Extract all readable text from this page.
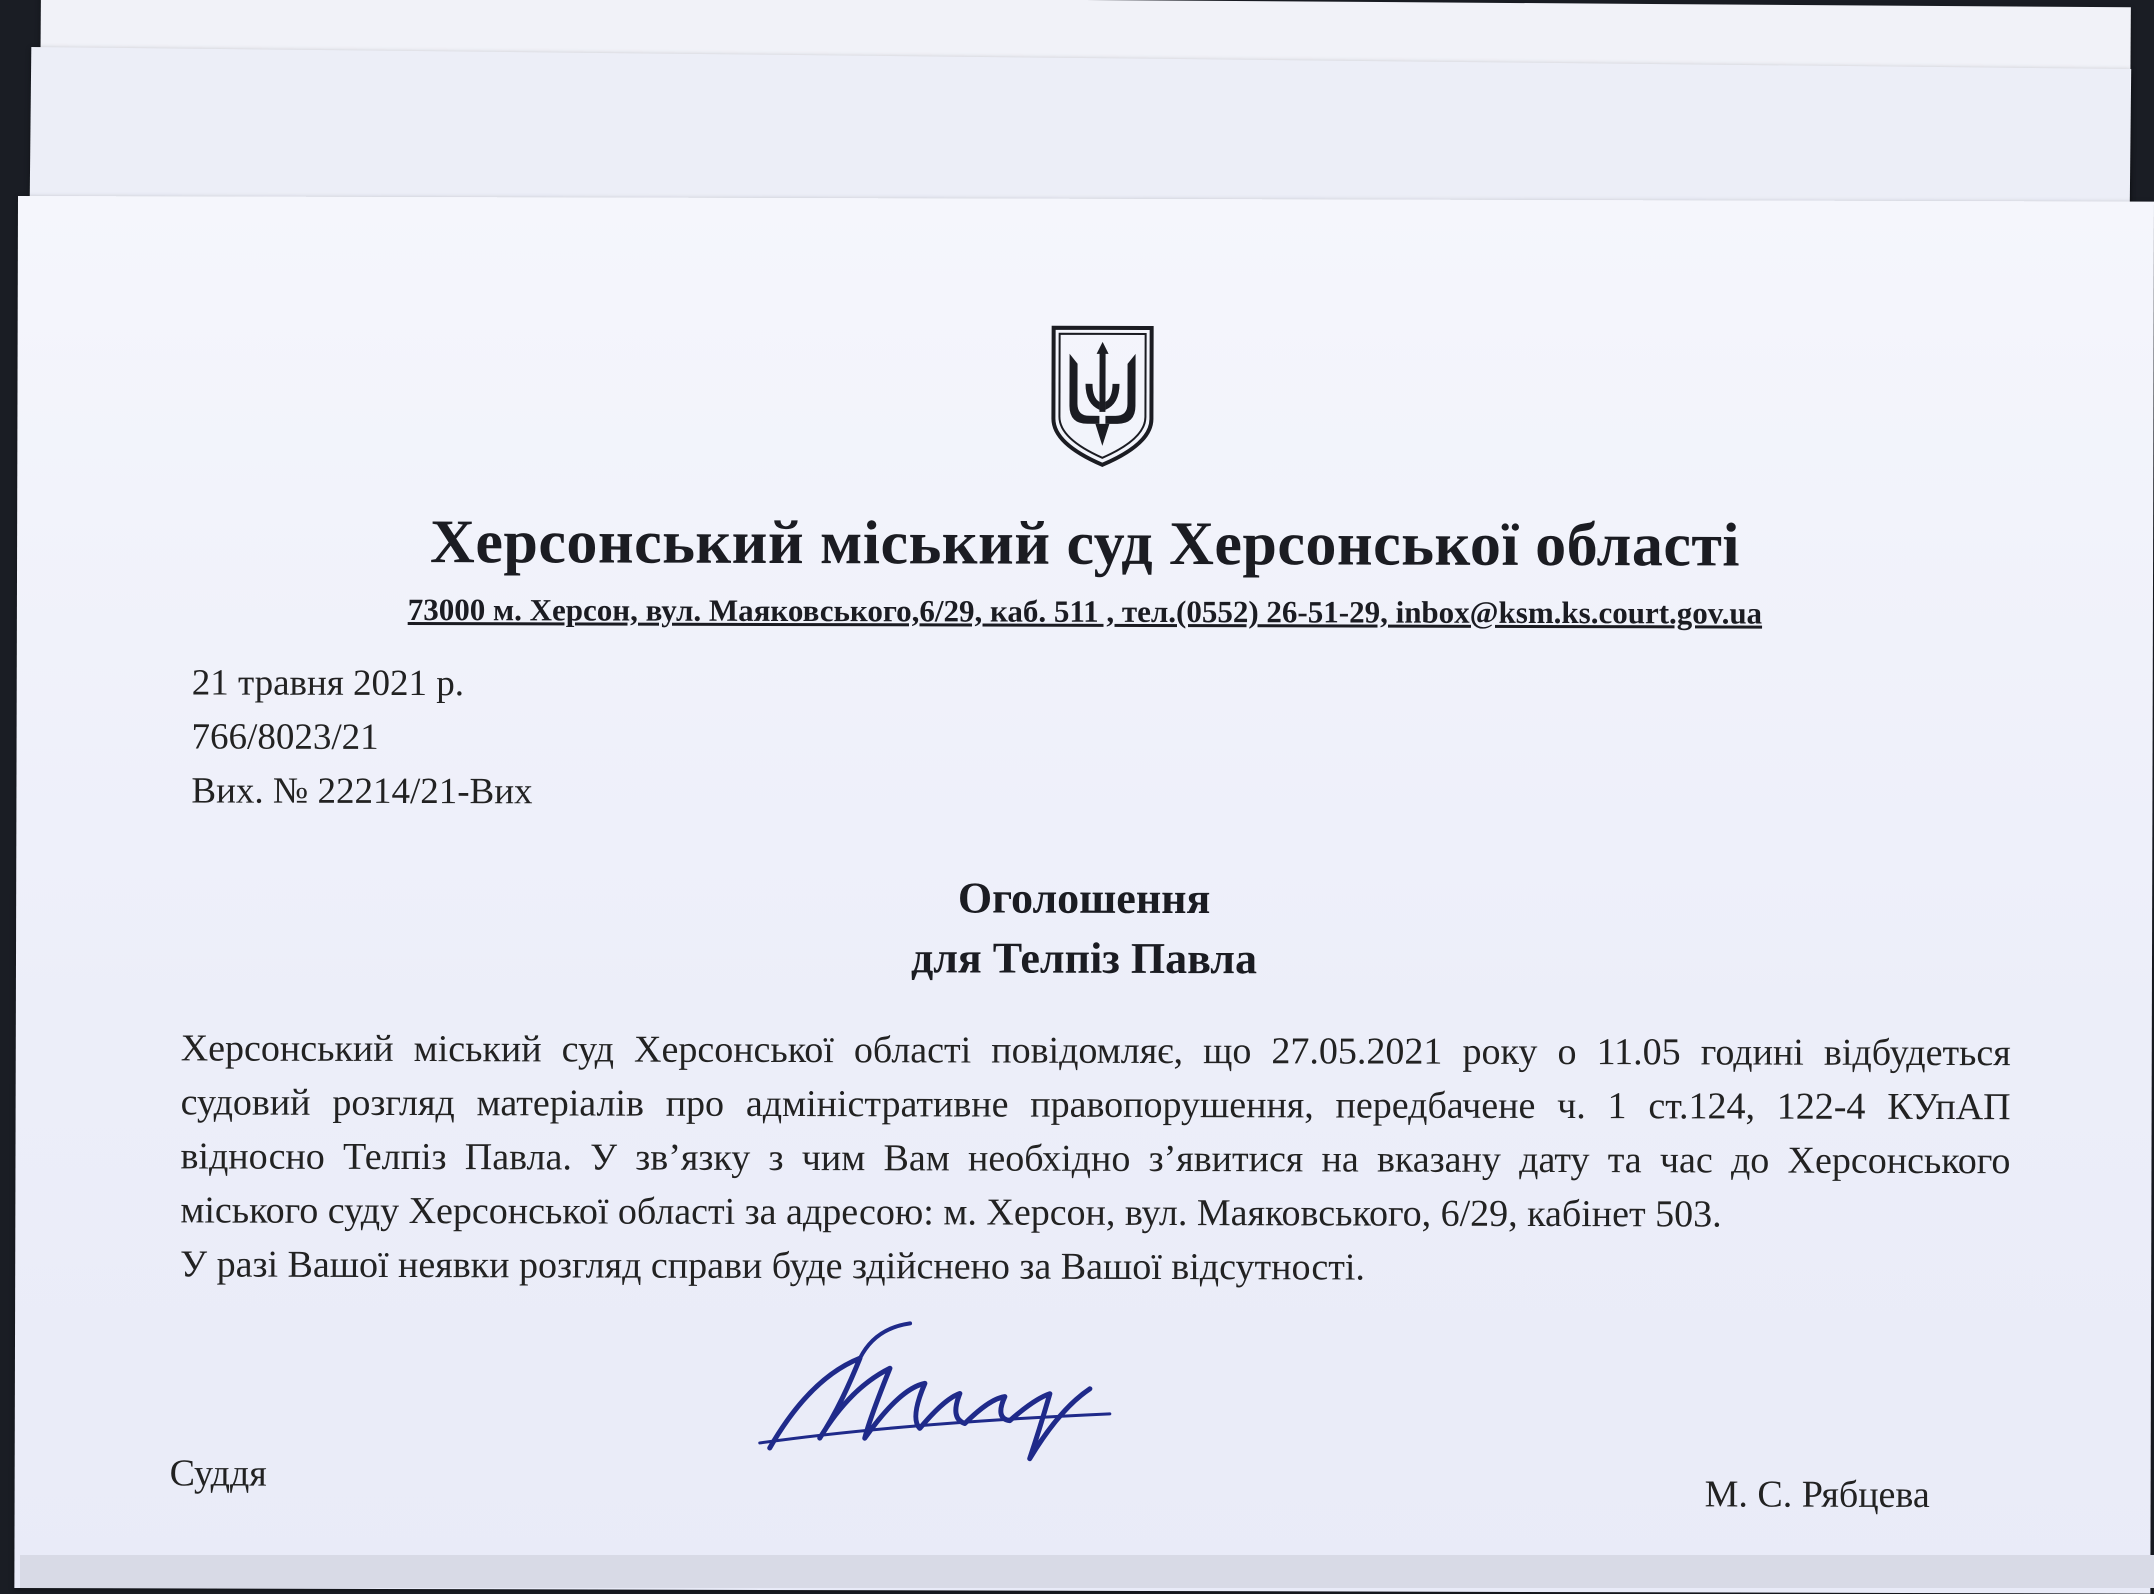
Херсонський міський суд Херсонської області
73000 м. Херсон, вул. Маяковського,6/29, каб. 511 , тел.(0552) 26-51-29, inbox@ksm.ks.court.gov.ua
21 травня 2021 р.
766/8023/21
Вих. № 22214/21-Вих
Оголошення
для Телпіз Павла

Херсонський міський суд Херсонської області повідомляє, що 27.05.2021 року о 11.05 годині відбудеться судовий розгляд матеріалів про адміністративне правопорушення, передбачене ч. 1 ст.124, 122-4 КУпАП відносно Телпіз Павла. У зв’язку з чим Вам необхідно з’явитися на вказану дату та час до Херсонського міського суду Херсонської області за адресою: м. Херсон, вул. Маяковського, 6/29, кабінет 503.

У разі Вашої неявки розгляд справи буде здійснено за Вашої відсутності.

Суддя	М. С. Рябцева
